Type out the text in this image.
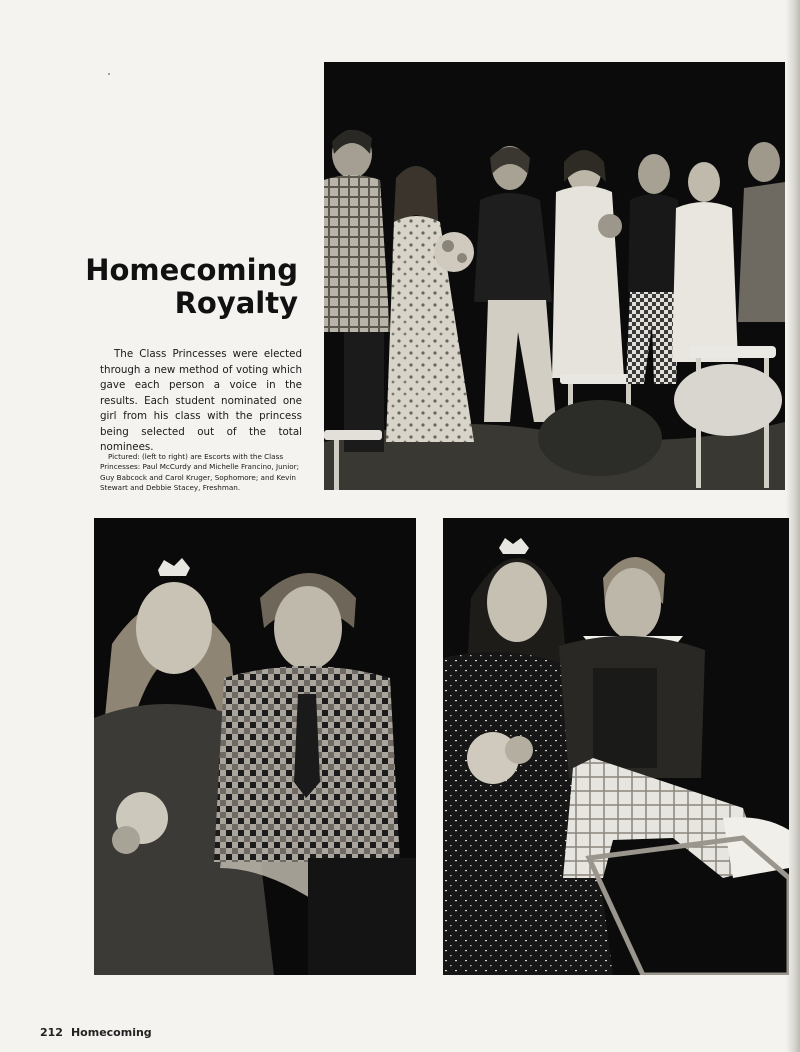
Homecoming
Royalty
The Class Princesses were elected through a new method of voting which gave each person a voice in the results. Each student nominated one girl from his class with the princess being selected out of the total nominees.
Pictured: (left to right) are Escorts with the Class Princesses: Paul McCurdy and Michelle Francino, Junior; Guy Babcock and Carol Kruger, Sophomore; and Kevin Stewart and Debbie Stacey, Freshman.
212 Homecoming
